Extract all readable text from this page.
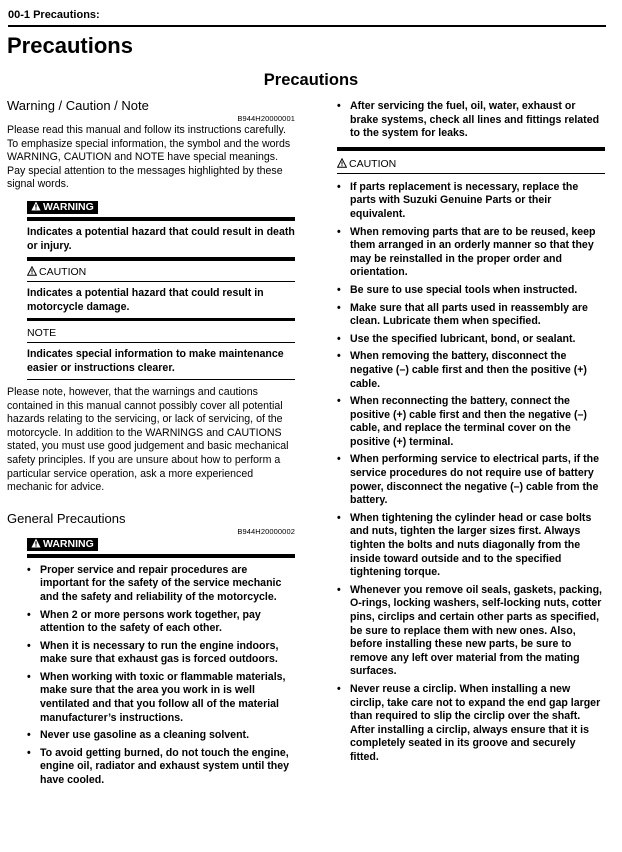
00-1 Precautions:
Precautions
Precautions
Warning / Caution / Note
B944H20000001

Please read this manual and follow its instructions carefully. To emphasize special information, the symbol and the words WARNING, CAUTION and NOTE have special meanings. Pay special attention to the messages highlighted by these signal words.

WARNING
Indicates a potential hazard that could result in death or injury.
CAUTION
Indicates a potential hazard that could result in motorcycle damage.
NOTE
Indicates special information to make maintenance easier or instructions clearer.

Please note, however, that the warnings and cautions contained in this manual cannot possibly cover all potential hazards relating to the servicing, or lack of servicing, of the motorcycle. In addition to the WARNINGS and CAUTIONS stated, you must use good judgement and basic mechanical safety principles. If you are unsure about how to perform a particular service operation, ask a more experienced mechanic for advice.

General Precautions
B944H20000002
WARNING
• Proper service and repair procedures are important for the safety of the service mechanic and the safety and reliability of the motorcycle.
• When 2 or more persons work together, pay attention to the safety of each other.
• When it is necessary to run the engine indoors, make sure that exhaust gas is forced outdoors.
• When working with toxic or flammable materials, make sure that the area you work in is well ventilated and that you follow all of the material manufacturer’s instructions.
• Never use gasoline as a cleaning solvent.
• To avoid getting burned, do not touch the engine, engine oil, radiator and exhaust system until they have cooled.
• After servicing the fuel, oil, water, exhaust or brake systems, check all lines and fittings related to the system for leaks.
CAUTION
• If parts replacement is necessary, replace the parts with Suzuki Genuine Parts or their equivalent.
• When removing parts that are to be reused, keep them arranged in an orderly manner so that they may be reinstalled in the proper order and orientation.
• Be sure to use special tools when instructed.
• Make sure that all parts used in reassembly are clean. Lubricate them when specified.
• Use the specified lubricant, bond, or sealant.
• When removing the battery, disconnect the negative (–) cable first and then the positive (+) cable.
• When reconnecting the battery, connect the positive (+) cable first and then the negative (–) cable, and replace the terminal cover on the positive (+) terminal.
• When performing service to electrical parts, if the service procedures do not require use of battery power, disconnect the negative (–) cable from the battery.
• When tightening the cylinder head or case bolts and nuts, tighten the larger sizes first. Always tighten the bolts and nuts diagonally from the inside toward outside and to the specified tightening torque.
• Whenever you remove oil seals, gaskets, packing, O-rings, locking washers, self-locking nuts, cotter pins, circlips and certain other parts as specified, be sure to replace them with new ones. Also, before installing these new parts, be sure to remove any left over material from the mating surfaces.
• Never reuse a circlip. When installing a new circlip, take care not to expand the end gap larger than required to slip the circlip over the shaft. After installing a circlip, always ensure that it is completely seated in its groove and securely fitted.
